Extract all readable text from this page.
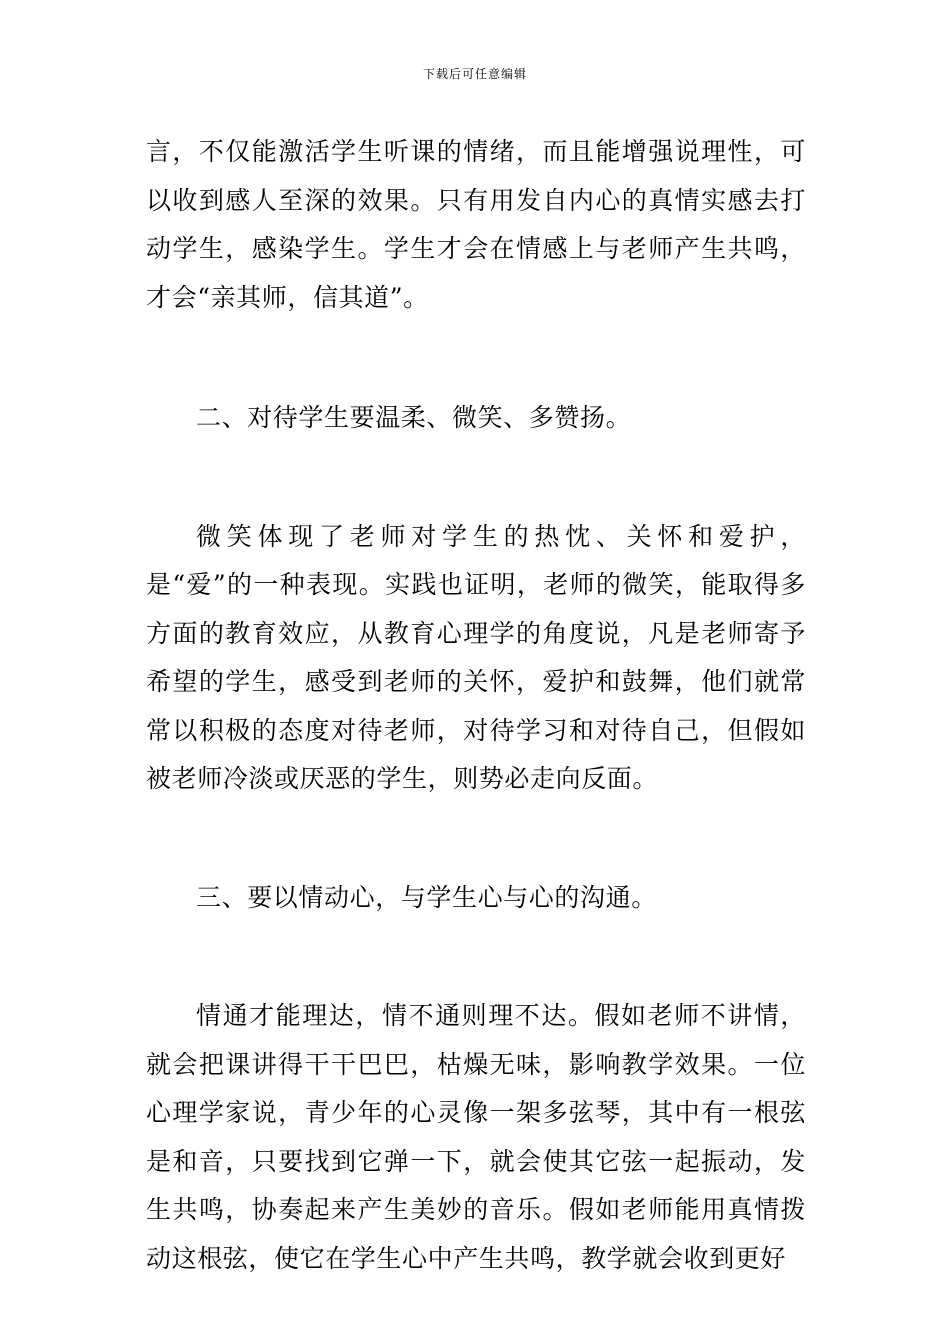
下载后可任意编辑

言，不仅能激活学生听课的情绪，而且能增强说理性，可以收到感人至深的效果。只有用发自内心的真情实感去打动学生，感染学生。学生才会在情感上与老师产生共鸣，才会“亲其师，信其道”。

二、对待学生要温柔、微笑、多赞扬。

微笑体现了老师对学生的热忱、关怀和爱护，是“爱”的一种表现。实践也证明，老师的微笑，能取得多方面的教育效应，从教育心理学的角度说，凡是老师寄予希望的学生，感受到老师的关怀，爱护和鼓舞，他们就常常以积极的态度对待老师，对待学习和对待自己，但假如被老师冷淡或厌恶的学生，则势必走向反面。

三、要以情动心，与学生心与心的沟通。

情通才能理达，情不通则理不达。假如老师不讲情，就会把课讲得干干巴巴，枯燥无味，影响教学效果。一位心理学家说，青少年的心灵像一架多弦琴，其中有一根弦是和音，只要找到它弹一下，就会使其它弦一起振动，发生共鸣，协奏起来产生美妙的音乐。假如老师能用真情拨动这根弦，使它在学生心中产生共鸣，教学就会收到更好
